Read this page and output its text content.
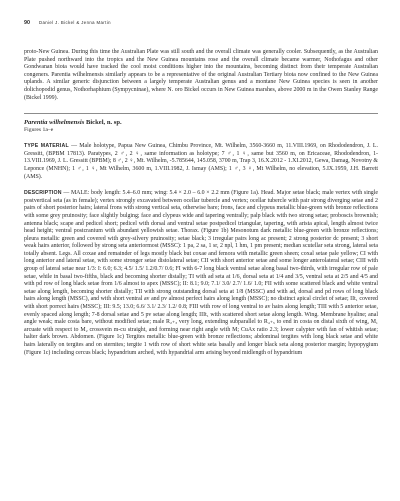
90 Daniel J. Bickel & Jenna Martin

proto-New Guinea. During this time the Australian Plate was still south and the overall climate was generally cooler. Subsequently, as the Australian Plate pushed northward into the tropics and the New Guinea mountains rose and the overall climate became warmer, Nothofagus and other Gondwanan biota would have tracked the cool moist conditions higher into the mountains, becoming distinct from their temperate Australian congeners. Parentia wilhelmensis similarly appears to be a representative of the original Australian Tertiary biota now confined to the New Guinea uplands. A similar generic disjunction between a largely temperate Australian genus and a montane New Guinea species is seen in another dolichopodid genus, Nothorhaphium (Sympycninae), where N. oro Bickel occurs in New Guinea marshes, above 2000 m in the Owen Stanley Range (Bickel 1999).

Parentia wilhelmensis Bickel, n. sp.
Figures 1a–e

TYPE MATERIAL — Male holotype, Papua New Guinea, Chimbu Province, Mt. Wilhelm, 3560-3660 m, 11.VIII.1969, on Rhododendron, J. L. Gressitt, (BPBM 17813). Paratypes, 2 ♂, 2 ♀, same information as holotype; 7 ♂, 1 ♀, same but 3560 m, on Ericaceae, Rhododendron, 1-13.VIII.1969, J. L. Gressitt (BPBM); 8 ♂, 2 ♀, Mt. Wilhelm, -5.785644, 145.058, 3700 m, Trap 3, 16.X.2012 - 1.XI.2012, Gewa, Damag, Novotny & Leponce (MNHN); 1 ♂, 1 ♀, Mt Wilhelm, 3600 m, 1.VIII.1982, J. Ismay (AMS); 1 ♂, 3 ♀, Mt Wilhelm, no elevation, 5.IX.1959, J.H. Barrett (AMS).

DESCRIPTION — MALE: body length: 5.4–6.0 mm; wing: 5.4 × 2.0 – 6.0 × 2.2 mm (Figure 1a). Head. Major setae black; male vertex with single postvertical seta (as in female); vertex strongly excavated between ocellar tubercle and vertex; ocellar tubercle with pair strong diverging setae and 2 pairs of short posterior hairs; lateral frons with strong vertical seta, otherwise bare; frons, face and clypeus metallic blue-green with bronze reflections with some grey pruinosity; face slightly bulging; face and clypeus wide and tapering ventrally; palp black with two strong setae; proboscis brownish; antenna black; scape and pedicel short; pedicel with dorsal and ventral setae postpedicel triangular, tapering, with arista apical, length almost twice head height; ventral postcranium with abundant yellowish setae. Thorax. (Figure 1b) Mesonotum dark metallic blue-green with bronze reflections; pleura metallic green and covered with grey-silvery pruinosity; setae black; 3 irregular pairs long ac present; 2 strong posterior dc present; 3 short weak hairs anterior, followed by strong seta anteriormost (MSSC): 1 pa, 2 sa, 1 sr, 2 npl, 1 hm, 1 pm present; median scutellar seta strong, lateral seta totally absent. Legs. All coxae and remainder of legs mostly black but coxae and femora with metallic green sheen; coxal setae pale yellow; CI with long anterior and lateral setae, with some stronger setae distolateral setae; CII with short anterior setae and some longer anterolateral setae; CIII with group of lateral setae near 1/3: I: 6.0; 6.3; 4.5/ 1.5/ 1.2/0.7/ 0.6; FI with 6-7 long black ventral setae along basal two-thirds, with irregular row of pale setae, while in basal two-fifths, black and becoming shorter distally; TI with ad seta at 1/6, dorsal seta at 1/4 and 3/5, ventral seta at 2/5 and 4/5 and with pd row of long black setae from 1/6 almost to apex (MSSC); II: 8.1; 9.0; 7.1/ 3.0/ 2.7/ 1.6/ 1.0; FII with some scattered black and white ventral setae along length, becoming shorter distally; TII with strong outstanding dorsal seta at 1/8 (MSSC) and with ad, dorsal and pd rows of long black hairs along length (MSSC), and with short ventral av and pv almost perfect hairs along length (MSSC); no distinct apical circlet of setae; IIt₁ covered with short porrect hairs (MSSC); III: 9.5; 13.0; 6.6/ 3.1/ 2.3/ 1.2/ 0.8; FIII with row of long ventral to av hairs along length; TIII with 5 anterior setae, evenly spaced along length; 7-8 dorsal setae and 5 pv setae along length; IIIt₁ with scattered short setae along length. Wing. Membrane hyaline; anal angle weak; male costa bare, without modified setae; male R₂₊₃ very long, extending subparallel to R₄₊₅ to end in costa on distal sixth of wing, M₁ arcuate with respect to M₂ crossvein m-cu straight, and forming near right angle with M; CuAx ratio 2.3; lower calypter with fan of whitish setae; halter dark brown. Abdomen. (Figure 1c) Tergites metallic blue-green with bronze reflections; abdominal tergites with long black setae and white hairs laterally on tergites and on sternites; tergite 1 with row of short white seta basally and longer black seta along posterior margin; hypopygium (Figure 1c) including cercus black; hypandrium arched, with hypandrial arm arising beyond midlength of hypandrium
